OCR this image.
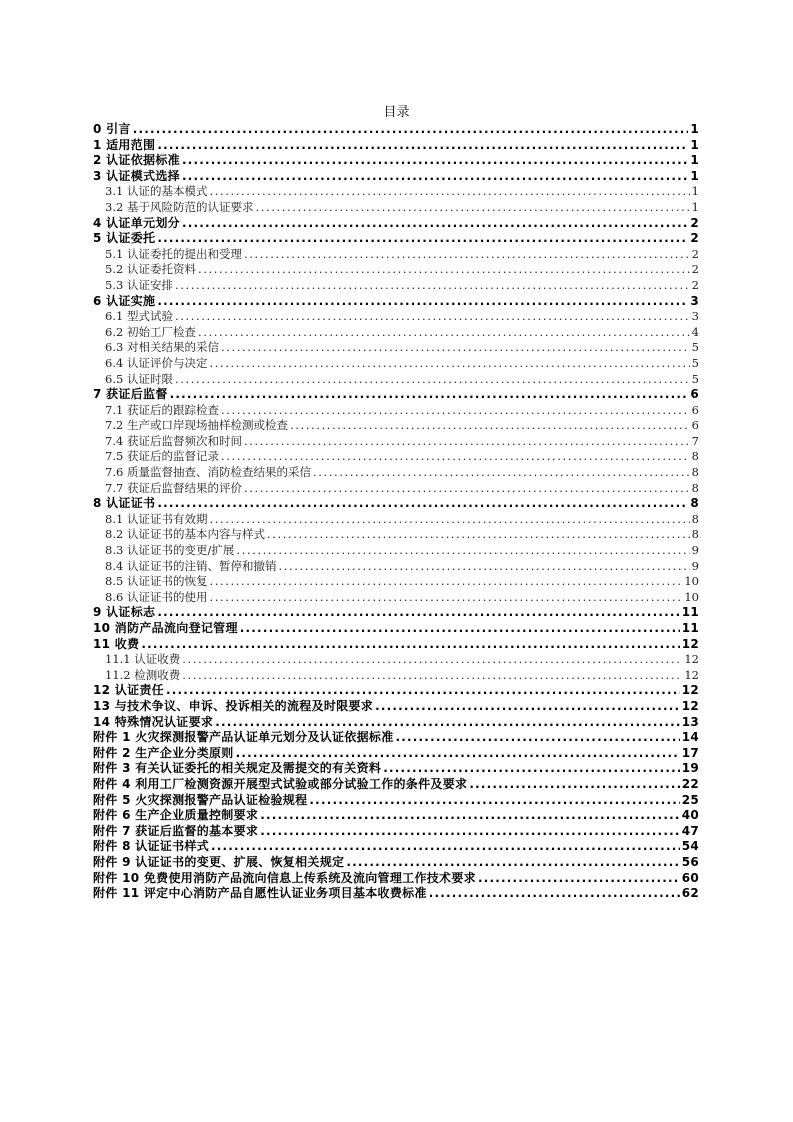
目录
0 引言 .....	1
1 适用范围 .....	1
2 认证依据标准 .....	1
3 认证模式选择 .....	1
3.1 认证的基本模式 .....	1
3.2 基于风险防范的认证要求 .....	1
4 认证单元划分 .....	2
5 认证委托 .....	2
5.1 认证委托的提出和受理 .....	2
5.2 认证委托资料 .....	2
5.3 认证安排 .....	2
6 认证实施 .....	3
6.1 型式试验 .....	3
6.2 初始工厂检查 .....	4
6.3 对相关结果的采信 .....	5
6.4 认证评价与决定 .....	5
6.5 认证时限 .....	5
7 获证后监督 .....	6
7.1 获证后的跟踪检查 .....	6
7.2 生产或口岸现场抽样检测或检查 .....	6
7.4 获证后监督频次和时间 .....	7
7.5 获证后的监督记录 .....	8
7.6 质量监督抽查、消防检查结果的采信 .....	8
7.7 获证后监督结果的评价 .....	8
8 认证证书 .....	8
8.1 认证证书有效期 .....	8
8.2 认证证书的基本内容与样式 .....	8
8.3 认证证书的变更/扩展 .....	9
8.4 认证证书的注销、暂停和撤销 .....	9
8.5 认证证书的恢复 .....	10
8.6 认证证书的使用 .....	10
9 认证标志 .....	11
10 消防产品流向登记管理 .....	11
11 收费 .....	12
11.1 认证收费 .....	12
11.2 检测收费 .....	12
12 认证责任 .....	12
13 与技术争议、申诉、投诉相关的流程及时限要求 .....	12
14 特殊情况认证要求 .....	13
附件 1 火灾探测报警产品认证单元划分及认证依据标准 .....	14
附件 2 生产企业分类原则 .....	17
附件 3 有关认证委托的相关规定及需提交的有关资料 .....	19
附件 4 利用工厂检测资源开展型式试验或部分试验工作的条件及要求 .....	22
附件 5 火灾探测报警产品认证检验规程 .....	25
附件 6 生产企业质量控制要求 .....	40
附件 7 获证后监督的基本要求 .....	47
附件 8 认证证书样式 .....	54
附件 9 认证证书的变更、扩展、恢复相关规定 .....	56
附件 10 免费使用消防产品流向信息上传系统及流向管理工作技术要求 .....	60
附件 11 评定中心消防产品自愿性认证业务项目基本收费标准 .....	62
